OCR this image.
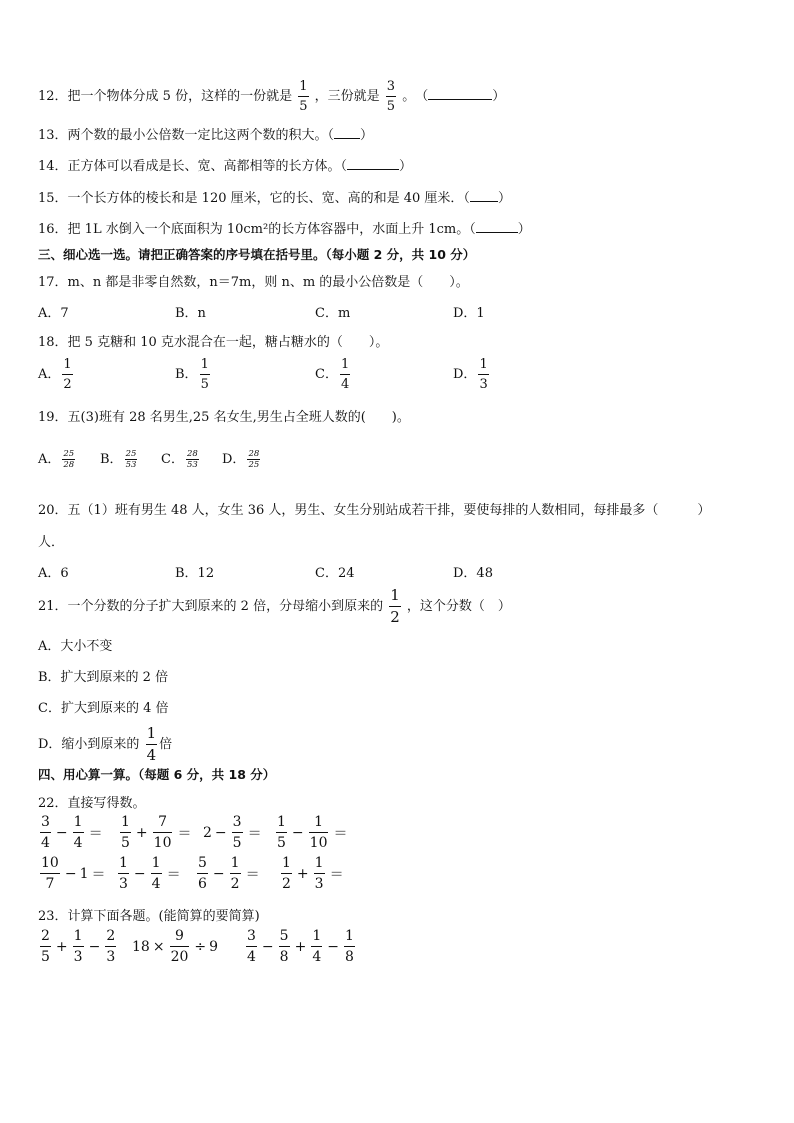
12．把一个物体分成 5 份，这样的一份就是 $\frac{1}{5}$ ，三份就是 $\frac{3}{5}$ 。　（	）
13．两个数的最小公倍数一定比这两个数的积大。（ ）
14．正方体可以看成是长、宽、高都相等的长方体。（	）
15．一个长方体的棱长和是 120 厘米，它的长、宽、高的和是 40 厘米．（ ）
16．把 1L 水倒入一个底面积为 10cm²的长方体容器中，水面上升 1cm。（	）
三、细心选一选。请把正确答案的序号填在括号里。（每小题 2 分，共 10 分）
17．m、n 都是非零自然数，n＝7m，则 n、m 的最小公倍数是（　　）。
A．7	B．n	C．m	D．1
18．把 5 克糖和 10 克水混合在一起，糖占糖水的（　　）。
A． $\frac{1}{2}$	B． $\frac{1}{5}$	C． $\frac{1}{4}$	D． $\frac{1}{3}$
19．五(3)班有 28 名男生,25 名女生,男生占全班人数的(　　)。
A． $\frac{25}{28}$ B． $\frac{25}{53}$ C． $\frac{28}{53}$ D． $\frac{28}{25}$
20．五（1）班有男生 48 人，女生 36 人，男生、女生分别站成若干排，要使每排的人数相同，每排最多（　　　）
人．
A．6	B．12	C．24	D．48
21．一个分数的分子扩大到原来的 2 倍，分母缩小到原来的 $\frac{1}{2}$ ，这个分数（　）
A．大小不变
B．扩大到原来的 2 倍
C．扩大到原来的 4 倍
D．缩小到原来的 $\frac{1}{4}$ 倍
四、用心算一算。（每题 6 分，共 18 分）
22．直接写得数。
$\frac{3}{4} - \frac{1}{4} = \frac{1}{5} + \frac{7}{10} = 2 - \frac{3}{5} = \frac{1}{5} - \frac{1}{10}$ ＝
$\frac{10}{7} - 1 = \frac{1}{3} - \frac{1}{4} = \frac{5}{6} - \frac{1}{2} = \frac{1}{2} + \frac{1}{3}$ ＝
23．计算下面各题。(能简算的要简算)
$\frac{2}{5} + \frac{1}{3} - \frac{2}{3} 18 \times \frac{9}{20} \div 9 \frac{3}{4} - \frac{5}{8} + \frac{1}{4} - \frac{1}{8}$
